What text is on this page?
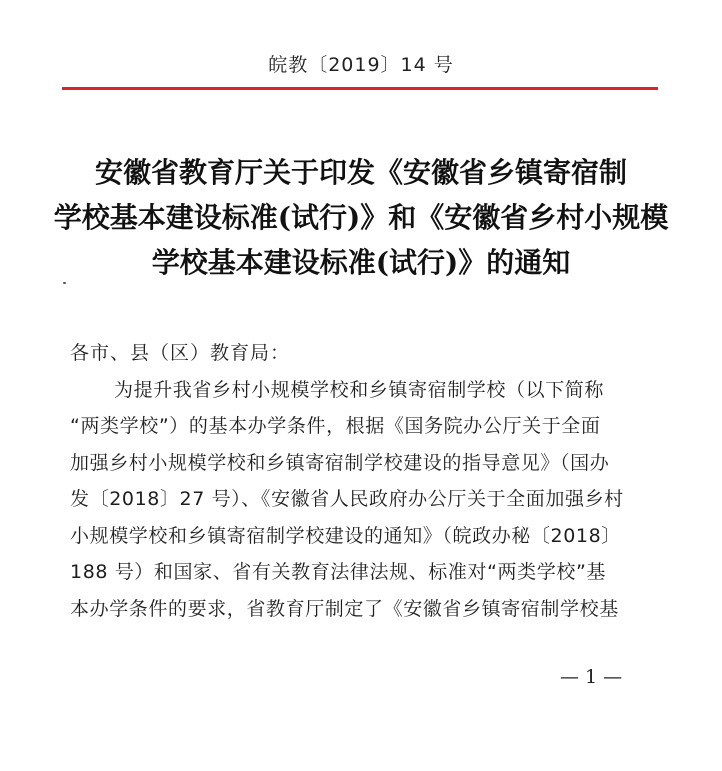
皖教〔2019〕14 号
安徽省教育厅关于印发《安徽省乡镇寄宿制
学校基本建设标准(试行)》和《安徽省乡村小规模
学校基本建设标准(试行)》的通知
各市、县（区）教育局：
为提升我省乡村小规模学校和乡镇寄宿制学校（以下简称
“两类学校”）的基本办学条件，根据《国务院办公厅关于全面
加强乡村小规模学校和乡镇寄宿制学校建设的指导意见》（国办
发〔2018〕27 号）、《安徽省人民政府办公厅关于全面加强乡村
小规模学校和乡镇寄宿制学校建设的通知》（皖政办秘〔2018〕
188 号）和国家、省有关教育法律法规、标准对“两类学校”基
本办学条件的要求，省教育厅制定了《安徽省乡镇寄宿制学校基
— 1 —
